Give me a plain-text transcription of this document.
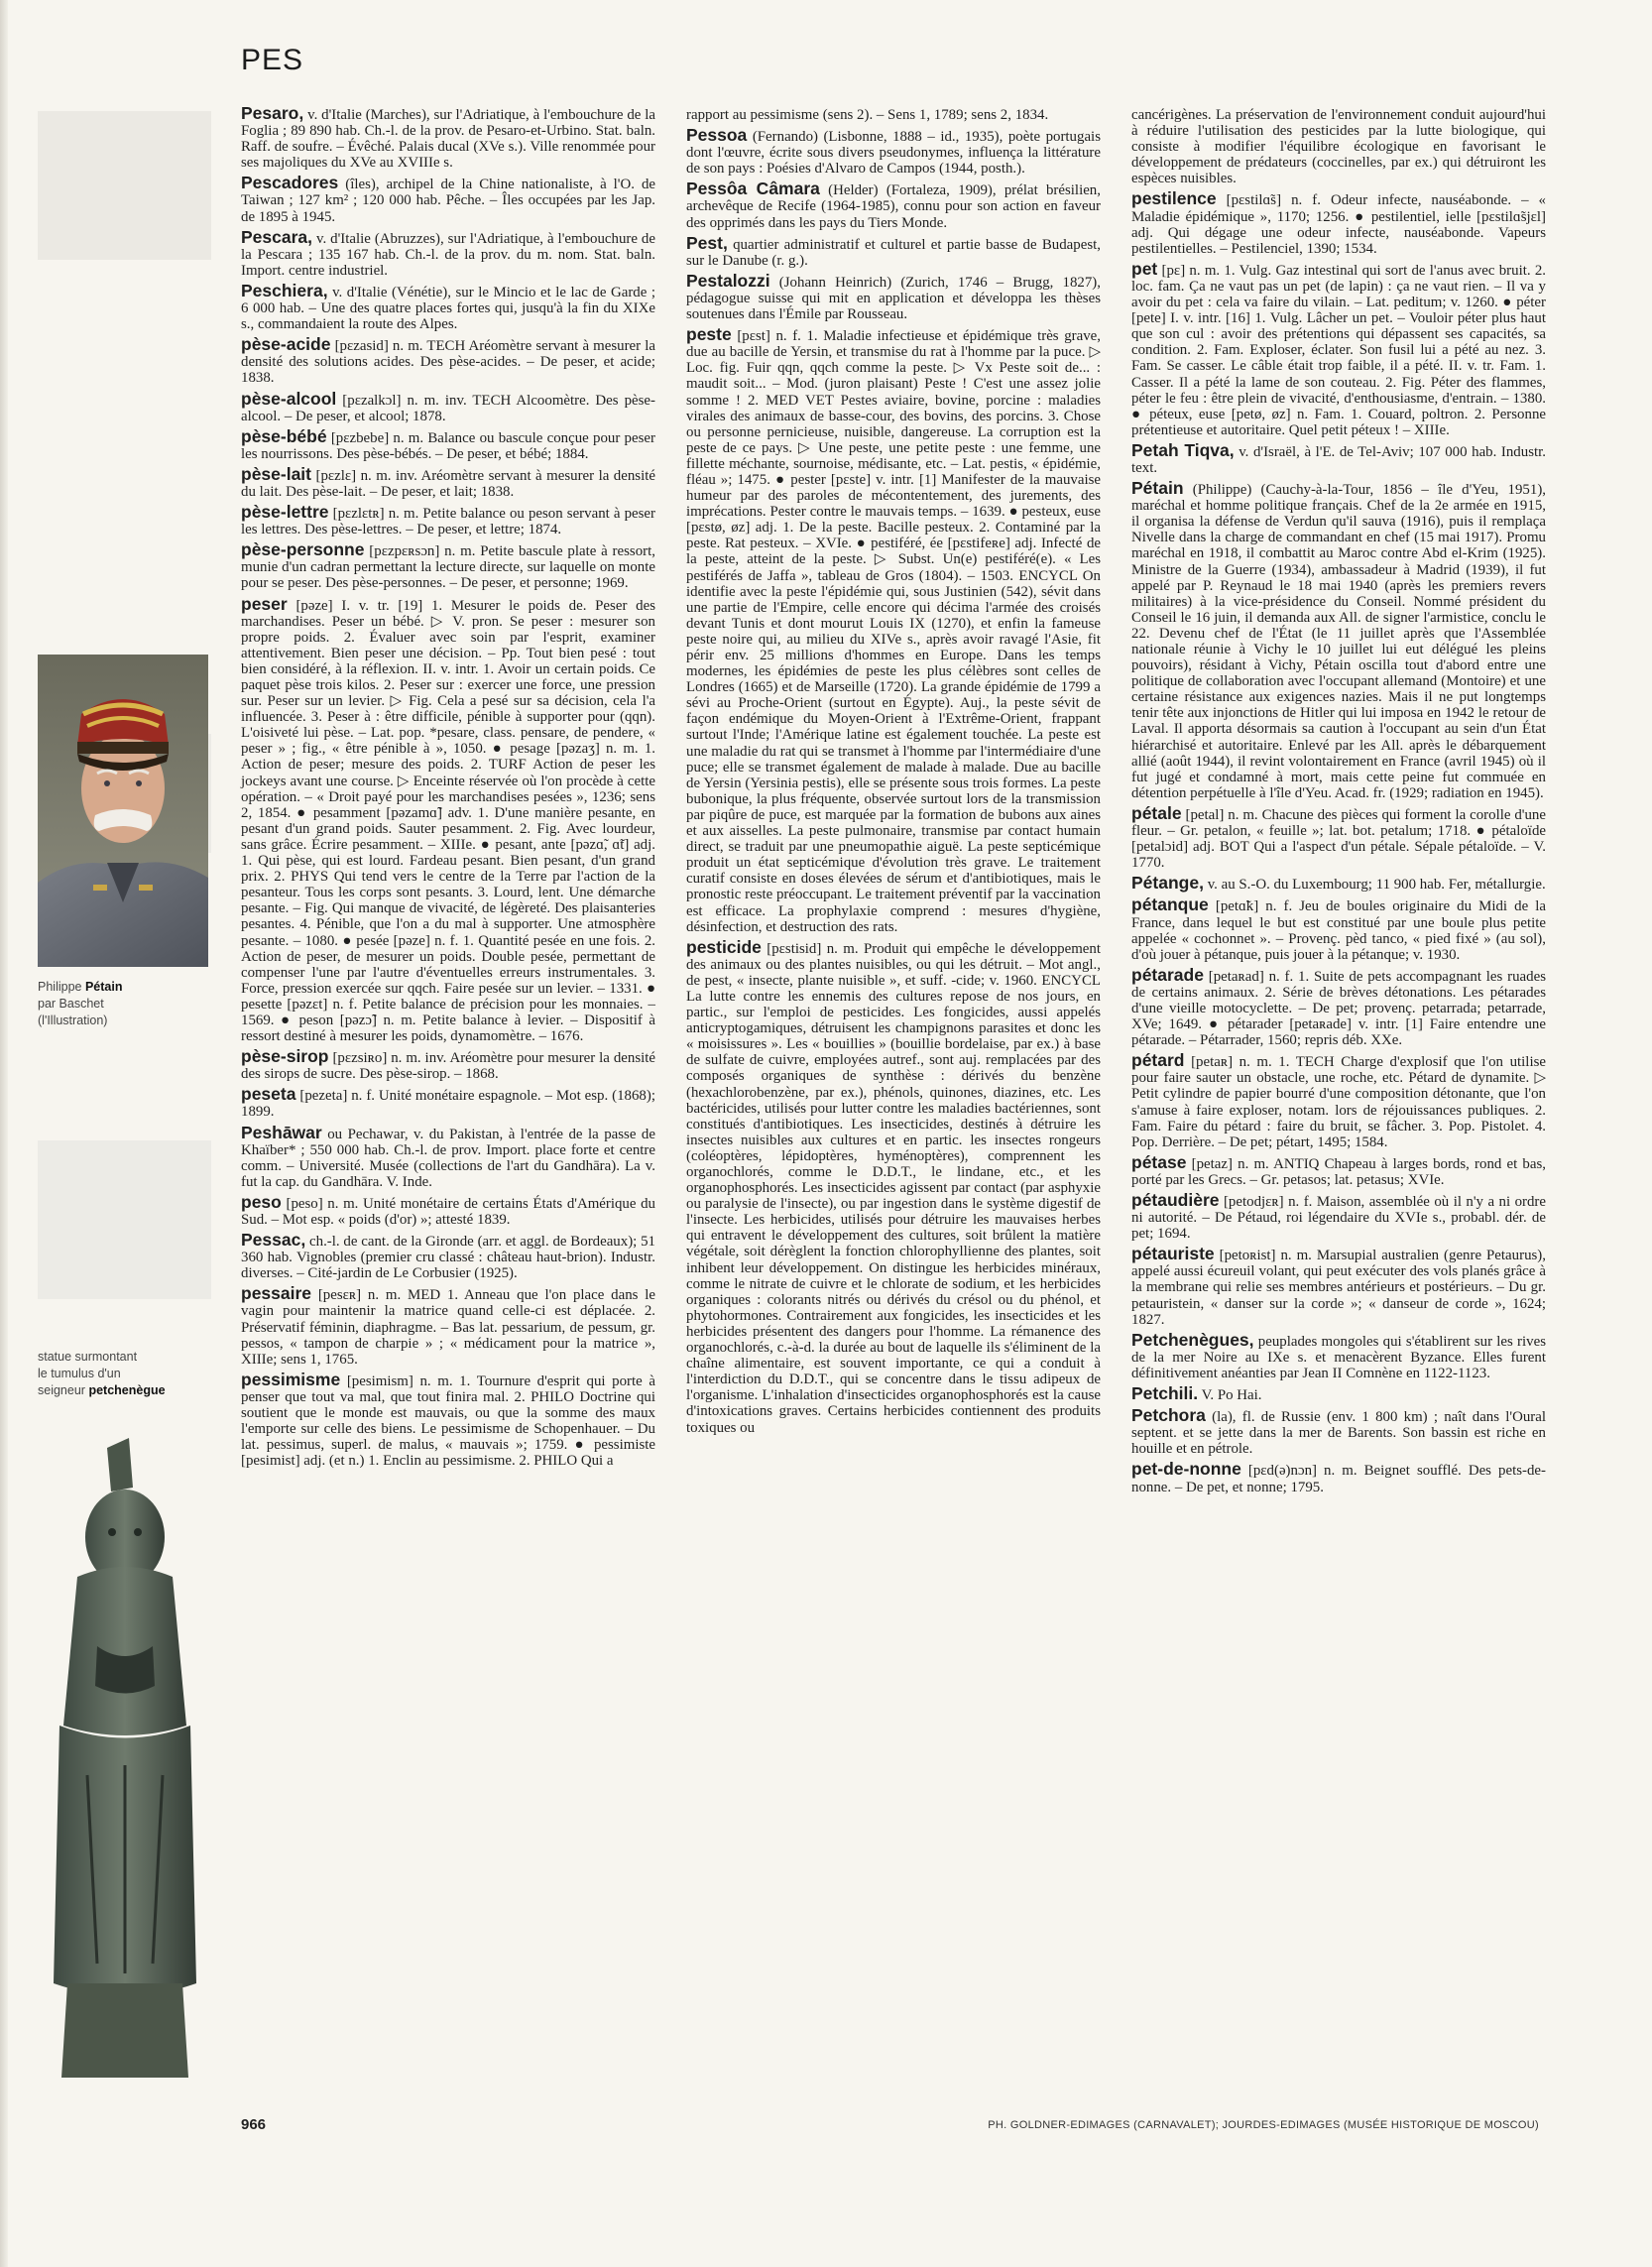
PES
Philippe Pétain
par Baschet
(l'Illustration)
statue surmontant
le tumulus d'un
seigneur petchenègue

Pesaro, v. d'Italie (Marches), sur l'Adriatique, à l'embouchure de la Foglia ; 89 890 hab. Ch.-l. de la prov. de Pesaro-et-Urbino. Stat. baln. Raff. de soufre. – Évêché. Palais ducal (XVe s.). Ville renommée pour ses majoliques du XVe au XVIIIe s.

Pescadores (îles), archipel de la Chine nationaliste, à l'O. de Taiwan ; 127 km² ; 120 000 hab. Pêche. – Îles occupées par les Jap. de 1895 à 1945.

Pescara, v. d'Italie (Abruzzes), sur l'Adriatique, à l'embouchure de la Pescara ; 135 167 hab. Ch.-l. de la prov. du m. nom. Stat. baln. Import. centre industriel.

Peschiera, v. d'Italie (Vénétie), sur le Mincio et le lac de Garde ; 6 000 hab. – Une des quatre places fortes qui, jusqu'à la fin du XIXe s., commandaient la route des Alpes.

pèse-acide [pɛzasid] n. m. TECH Aréomètre servant à mesurer la densité des solutions acides. Des pèse-acides. – De peser, et acide; 1838.

pèse-alcool [pɛzalkɔl] n. m. inv. TECH Alcoomètre. Des pèse-alcool. – De peser, et alcool; 1878.

pèse-bébé [pɛzbebe] n. m. Balance ou bascule conçue pour peser les nourrissons. Des pèse-bébés. – De peser, et bébé; 1884.

pèse-lait [pɛzlɛ] n. m. inv. Aréomètre servant à mesurer la densité du lait. Des pèse-lait. – De peser, et lait; 1838.

pèse-lettre [pɛzlɛtʀ] n. m. Petite balance ou peson servant à peser les lettres. Des pèse-lettres. – De peser, et lettre; 1874.

pèse-personne [pɛzpɛʀsɔn] n. m. Petite bascule plate à ressort, munie d'un cadran permettant la lecture directe, sur laquelle on monte pour se peser. Des pèse-personnes. – De peser, et personne; 1969.

peser [pəze] I. v. tr. [19] 1. Mesurer le poids de. Peser des marchandises. Peser un bébé. ▷ V. pron. Se peser : mesurer son propre poids. 2. Évaluer avec soin par l'esprit, examiner attentivement. Bien peser une décision. – Pp. Tout bien pesé : tout bien considéré, à la réflexion. II. v. intr. 1. Avoir un certain poids. Ce paquet pèse trois kilos. 2. Peser sur : exercer une force, une pression sur. Peser sur un levier. ▷ Fig. Cela a pesé sur sa décision, cela l'a influencée. 3. Peser à : être difficile, pénible à supporter pour (qqn). L'oisiveté lui pèse. – Lat. pop. *pesare, class. pensare, de pendere, « peser » ; fig., « être pénible à », 1050. ● pesage [pəzaʒ] n. m. 1. Action de peser; mesure des poids. 2. TURF Action de peser les jockeys avant une course. ▷ Enceinte réservée où l'on procède à cette opération. – « Droit payé pour les marchandises pesées », 1236; sens 2, 1854. ● pesamment [pəzamɑ̃] adv. 1. D'une manière pesante, en pesant d'un grand poids. Sauter pesamment. 2. Fig. Avec lourdeur, sans grâce. Écrire pesamment. – XIIIe. ● pesant, ante [pəzɑ̃, ɑ̃t] adj. 1. Qui pèse, qui est lourd. Fardeau pesant. Bien pesant, d'un grand prix. 2. PHYS Qui tend vers le centre de la Terre par l'action de la pesanteur. Tous les corps sont pesants. 3. Lourd, lent. Une démarche pesante. – Fig. Qui manque de vivacité, de légèreté. Des plaisanteries pesantes. 4. Pénible, que l'on a du mal à supporter. Une atmosphère pesante. – 1080. ● pesée [pəze] n. f. 1. Quantité pesée en une fois. 2. Action de peser, de mesurer un poids. Double pesée, permettant de compenser l'une par l'autre d'éventuelles erreurs instrumentales. 3. Force, pression exercée sur qqch. Faire pesée sur un levier. – 1331. ● pesette [pəzɛt] n. f. Petite balance de précision pour les monnaies. – 1569. ● peson [pəzɔ̃] n. m. Petite balance à levier. – Dispositif à ressort destiné à mesurer les poids, dynamomètre. – 1676.

pèse-sirop [pɛzsiʀo] n. m. inv. Aréomètre pour mesurer la densité des sirops de sucre. Des pèse-sirop. – 1868.

peseta [pezeta] n. f. Unité monétaire espagnole. – Mot esp. (1868); 1899.

Peshāwar ou Pechawar, v. du Pakistan, à l'entrée de la passe de Khaïber* ; 550 000 hab. Ch.-l. de prov. Import. place forte et centre comm. – Université. Musée (collections de l'art du Gandhāra). La v. fut la cap. du Gandhāra. V. Inde.

peso [peso] n. m. Unité monétaire de certains États d'Amérique du Sud. – Mot esp. « poids (d'or) »; attesté 1839.

Pessac, ch.-l. de cant. de la Gironde (arr. et aggl. de Bordeaux); 51 360 hab. Vignobles (premier cru classé : château haut-brion). Industr. diverses. – Cité-jardin de Le Corbusier (1925).

pessaire [pesɛʀ] n. m. MED 1. Anneau que l'on place dans le vagin pour maintenir la matrice quand celle-ci est déplacée. 2. Préservatif féminin, diaphragme. – Bas lat. pessarium, de pessum, gr. pessos, « tampon de charpie » ; « médicament pour la matrice », XIIIe; sens 1, 1765.

pessimisme [pesimism] n. m. 1. Tournure d'esprit qui porte à penser que tout va mal, que tout finira mal. 2. PHILO Doctrine qui soutient que le monde est mauvais, ou que la somme des maux l'emporte sur celle des biens. Le pessimisme de Schopenhauer. – Du lat. pessimus, superl. de malus, « mauvais »; 1759. ● pessimiste [pesimist] adj. (et n.) 1. Enclin au pessimisme. 2. PHILO Qui a

rapport au pessimisme (sens 2). – Sens 1, 1789; sens 2, 1834.

Pessoa (Fernando) (Lisbonne, 1888 – id., 1935), poète portugais dont l'œuvre, écrite sous divers pseudonymes, influença la littérature de son pays : Poésies d'Alvaro de Campos (1944, posth.).

Pessôa Câmara (Helder) (Fortaleza, 1909), prélat brésilien, archevêque de Recife (1964-1985), connu pour son action en faveur des opprimés dans les pays du Tiers Monde.

Pest, quartier administratif et culturel et partie basse de Budapest, sur le Danube (r. g.).

Pestalozzi (Johann Heinrich) (Zurich, 1746 – Brugg, 1827), pédagogue suisse qui mit en application et développa les thèses soutenues dans l'Émile par Rousseau.

peste [pɛst] n. f. 1. Maladie infectieuse et épidémique très grave, due au bacille de Yersin, et transmise du rat à l'homme par la puce. ▷ Loc. fig. Fuir qqn, qqch comme la peste. ▷ Vx Peste soit de... : maudit soit... – Mod. (juron plaisant) Peste ! C'est une assez jolie somme ! 2. MED VET Pestes aviaire, bovine, porcine : maladies virales des animaux de basse-cour, des bovins, des porcins. 3. Chose ou personne pernicieuse, nuisible, dangereuse. La corruption est la peste de ce pays. ▷ Une peste, une petite peste : une femme, une fillette méchante, sournoise, médisante, etc. – Lat. pestis, « épidémie, fléau »; 1475. ● pester [pɛste] v. intr. [1] Manifester de la mauvaise humeur par des paroles de mécontentement, des jurements, des imprécations. Pester contre le mauvais temps. – 1639. ● pesteux, euse [pɛstø, øz] adj. 1. De la peste. Bacille pesteux. 2. Contaminé par la peste. Rat pesteux. – XVIe. ● pestiféré, ée [pɛstifeʀe] adj. Infecté de la peste, atteint de la peste. ▷ Subst. Un(e) pestiféré(e). « Les pestiférés de Jaffa », tableau de Gros (1804). – 1503. ENCYCL On identifie avec la peste l'épidémie qui, sous Justinien (542), sévit dans une partie de l'Empire, celle encore qui décima l'armée des croisés devant Tunis et dont mourut Louis IX (1270), et enfin la fameuse peste noire qui, au milieu du XIVe s., après avoir ravagé l'Asie, fit périr env. 25 millions d'hommes en Europe. Dans les temps modernes, les épidémies de peste les plus célèbres sont celles de Londres (1665) et de Marseille (1720). La grande épidémie de 1799 a sévi au Proche-Orient (surtout en Égypte). Auj., la peste sévit de façon endémique du Moyen-Orient à l'Extrême-Orient, frappant surtout l'Inde; l'Amérique latine est également touchée. La peste est une maladie du rat qui se transmet à l'homme par l'intermédiaire d'une puce; elle se transmet également de malade à malade. Due au bacille de Yersin (Yersinia pestis), elle se présente sous trois formes. La peste bubonique, la plus fréquente, observée surtout lors de la transmission par piqûre de puce, est marquée par la formation de bubons aux aines et aux aisselles. La peste pulmonaire, transmise par contact humain direct, se traduit par une pneumopathie aiguë. La peste septicémique produit un état septicémique d'évolution très grave. Le traitement curatif consiste en doses élevées de sérum et d'antibiotiques, mais le pronostic reste préoccupant. Le traitement préventif par la vaccination est efficace. La prophylaxie comprend : mesures d'hygiène, désinfection, et destruction des rats.

pesticide [pɛstisid] n. m. Produit qui empêche le développement des animaux ou des plantes nuisibles, ou qui les détruit. – Mot angl., de pest, « insecte, plante nuisible », et suff. -cide; v. 1960. ENCYCL La lutte contre les ennemis des cultures repose de nos jours, en partic., sur l'emploi de pesticides. Les fongicides, aussi appelés anticryptogamiques, détruisent les champignons parasites et donc les « moisissures ». Les « bouillies » (bouillie bordelaise, par ex.) à base de sulfate de cuivre, employées autref., sont auj. remplacées par des composés organiques de synthèse : dérivés du benzène (hexachlorobenzène, par ex.), phénols, quinones, diazines, etc. Les bactéricides, utilisés pour lutter contre les maladies bactériennes, sont constitués d'antibiotiques. Les insecticides, destinés à détruire les insectes nuisibles aux cultures et en partic. les insectes rongeurs (coléoptères, lépidoptères, hyménoptères), comprennent les organochlorés, comme le D.D.T., le lindane, etc., et les organophosphorés. Les insecticides agissent par contact (par asphyxie ou paralysie de l'insecte), ou par ingestion dans le système digestif de l'insecte. Les herbicides, utilisés pour détruire les mauvaises herbes qui entravent le développement des cultures, soit brûlent la matière végétale, soit dérèglent la fonction chlorophyllienne des plantes, soit inhibent leur développement. On distingue les herbicides minéraux, comme le nitrate de cuivre et le chlorate de sodium, et les herbicides organiques : colorants nitrés ou dérivés du crésol ou du phénol, et phytohormones. Contrairement aux fongicides, les insecticides et les herbicides présentent des dangers pour l'homme. La rémanence des organochlorés, c.-à-d. la durée au bout de laquelle ils s'éliminent de la chaîne alimentaire, est souvent importante, ce qui a conduit à l'interdiction du D.D.T., qui se concentre dans le tissu adipeux de l'organisme. L'inhalation d'insecticides organophosphorés est la cause d'intoxications graves. Certains herbicides contiennent des produits toxiques ou

cancérigènes. La préservation de l'environnement conduit aujourd'hui à réduire l'utilisation des pesticides par la lutte biologique, qui consiste à modifier l'équilibre écologique en favorisant le développement de prédateurs (coccinelles, par ex.) qui détruiront les espèces nuisibles.

pestilence [pɛstilɑ̃s] n. f. Odeur infecte, nauséabonde. – « Maladie épidémique », 1170; 1256. ● pestilentiel, ielle [pɛstilɑ̃sjɛl] adj. Qui dégage une odeur infecte, nauséabonde. Vapeurs pestilentielles. – Pestilenciel, 1390; 1534.

pet [pɛ] n. m. 1. Vulg. Gaz intestinal qui sort de l'anus avec bruit. 2. loc. fam. Ça ne vaut pas un pet (de lapin) : ça ne vaut rien. – Il va y avoir du pet : cela va faire du vilain. – Lat. peditum; v. 1260. ● péter [pete] I. v. intr. [16] 1. Vulg. Lâcher un pet. – Vouloir péter plus haut que son cul : avoir des prétentions qui dépassent ses capacités, sa condition. 2. Fam. Exploser, éclater. Son fusil lui a pété au nez. 3. Fam. Se casser. Le câble était trop faible, il a pété. II. v. tr. Fam. 1. Casser. Il a pété la lame de son couteau. 2. Fig. Péter des flammes, péter le feu : être plein de vivacité, d'enthousiasme, d'entrain. – 1380. ● péteux, euse [petø, øz] n. Fam. 1. Couard, poltron. 2. Personne prétentieuse et autoritaire. Quel petit péteux ! – XIIIe.

Petah Tiqva, v. d'Israël, à l'E. de Tel-Aviv; 107 000 hab. Industr. text.

Pétain (Philippe) (Cauchy-à-la-Tour, 1856 – île d'Yeu, 1951), maréchal et homme politique français. Chef de la 2e armée en 1915, il organisa la défense de Verdun qu'il sauva (1916), puis il remplaça Nivelle dans la charge de commandant en chef (15 mai 1917). Promu maréchal en 1918, il combattit au Maroc contre Abd el-Krim (1925). Ministre de la Guerre (1934), ambassadeur à Madrid (1939), il fut appelé par P. Reynaud le 18 mai 1940 (après les premiers revers militaires) à la vice-présidence du Conseil. Nommé président du Conseil le 16 juin, il demanda aux All. de signer l'armistice, conclu le 22. Devenu chef de l'État (le 11 juillet après que l'Assemblée nationale réunie à Vichy le 10 juillet lui eut délégué les pleins pouvoirs), résidant à Vichy, Pétain oscilla tout d'abord entre une politique de collaboration avec l'occupant allemand (Montoire) et une certaine résistance aux exigences nazies. Mais il ne put longtemps tenir tête aux injonctions de Hitler qui lui imposa en 1942 le retour de Laval. Il apporta désormais sa caution à l'occupant au sein d'un État hiérarchisé et autoritaire. Enlevé par les All. après le débarquement allié (août 1944), il revint volontairement en France (avril 1945) où il fut jugé et condamné à mort, mais cette peine fut commuée en détention perpétuelle à l'île d'Yeu. Acad. fr. (1929; radiation en 1945).

pétale [petal] n. m. Chacune des pièces qui forment la corolle d'une fleur. – Gr. petalon, « feuille »; lat. bot. petalum; 1718. ● pétaloïde [petalɔid] adj. BOT Qui a l'aspect d'un pétale. Sépale pétaloïde. – V. 1770.

Pétange, v. au S.-O. du Luxembourg; 11 900 hab. Fer, métallurgie.

pétanque [petɑ̃k] n. f. Jeu de boules originaire du Midi de la France, dans lequel le but est constitué par une boule plus petite appelée « cochonnet ». – Provenç. pèd tanco, « pied fixé » (au sol), d'où jouer à pétanque, puis jouer à la pétanque; v. 1930.

pétarade [petaʀad] n. f. 1. Suite de pets accompagnant les ruades de certains animaux. 2. Série de brèves détonations. Les pétarades d'une vieille motocyclette. – De pet; provenç. petarrada; petarrade, XVe; 1649. ● pétarader [petaʀade] v. intr. [1] Faire entendre une pétarade. – Pétarrader, 1560; repris déb. XXe.

pétard [petaʀ] n. m. 1. TECH Charge d'explosif que l'on utilise pour faire sauter un obstacle, une roche, etc. Pétard de dynamite. ▷ Petit cylindre de papier bourré d'une composition détonante, que l'on s'amuse à faire exploser, notam. lors de réjouissances publiques. 2. Fam. Faire du pétard : faire du bruit, se fâcher. 3. Pop. Pistolet. 4. Pop. Derrière. – De pet; pétart, 1495; 1584.

pétase [petaz] n. m. ANTIQ Chapeau à larges bords, rond et bas, porté par les Grecs. – Gr. petasos; lat. petasus; XVIe.

pétaudière [petodjɛʀ] n. f. Maison, assemblée où il n'y a ni ordre ni autorité. – De Pétaud, roi légendaire du XVIe s., probabl. dér. de pet; 1694.

pétauriste [petoʀist] n. m. Marsupial australien (genre Petaurus), appelé aussi écureuil volant, qui peut exécuter des vols planés grâce à la membrane qui relie ses membres antérieurs et postérieurs. – Du gr. petauristein, « danser sur la corde »; « danseur de corde », 1624; 1827.

Petchenègues, peuplades mongoles qui s'établirent sur les rives de la mer Noire au IXe s. et menacèrent Byzance. Elles furent définitivement anéanties par Jean II Comnène en 1122-1123.

Petchili. V. Po Hai.

Petchora (la), fl. de Russie (env. 1 800 km) ; naît dans l'Oural septent. et se jette dans la mer de Barents. Son bassin est riche en houille et en pétrole.

pet-de-nonne [pɛd(ə)nɔn] n. m. Beignet soufflé. Des pets-de-nonne. – De pet, et nonne; 1795.

966	PH. GOLDNER-EDIMAGES (CARNAVALET); JOURDES-EDIMAGES (MUSÉE HISTORIQUE DE MOSCOU)
